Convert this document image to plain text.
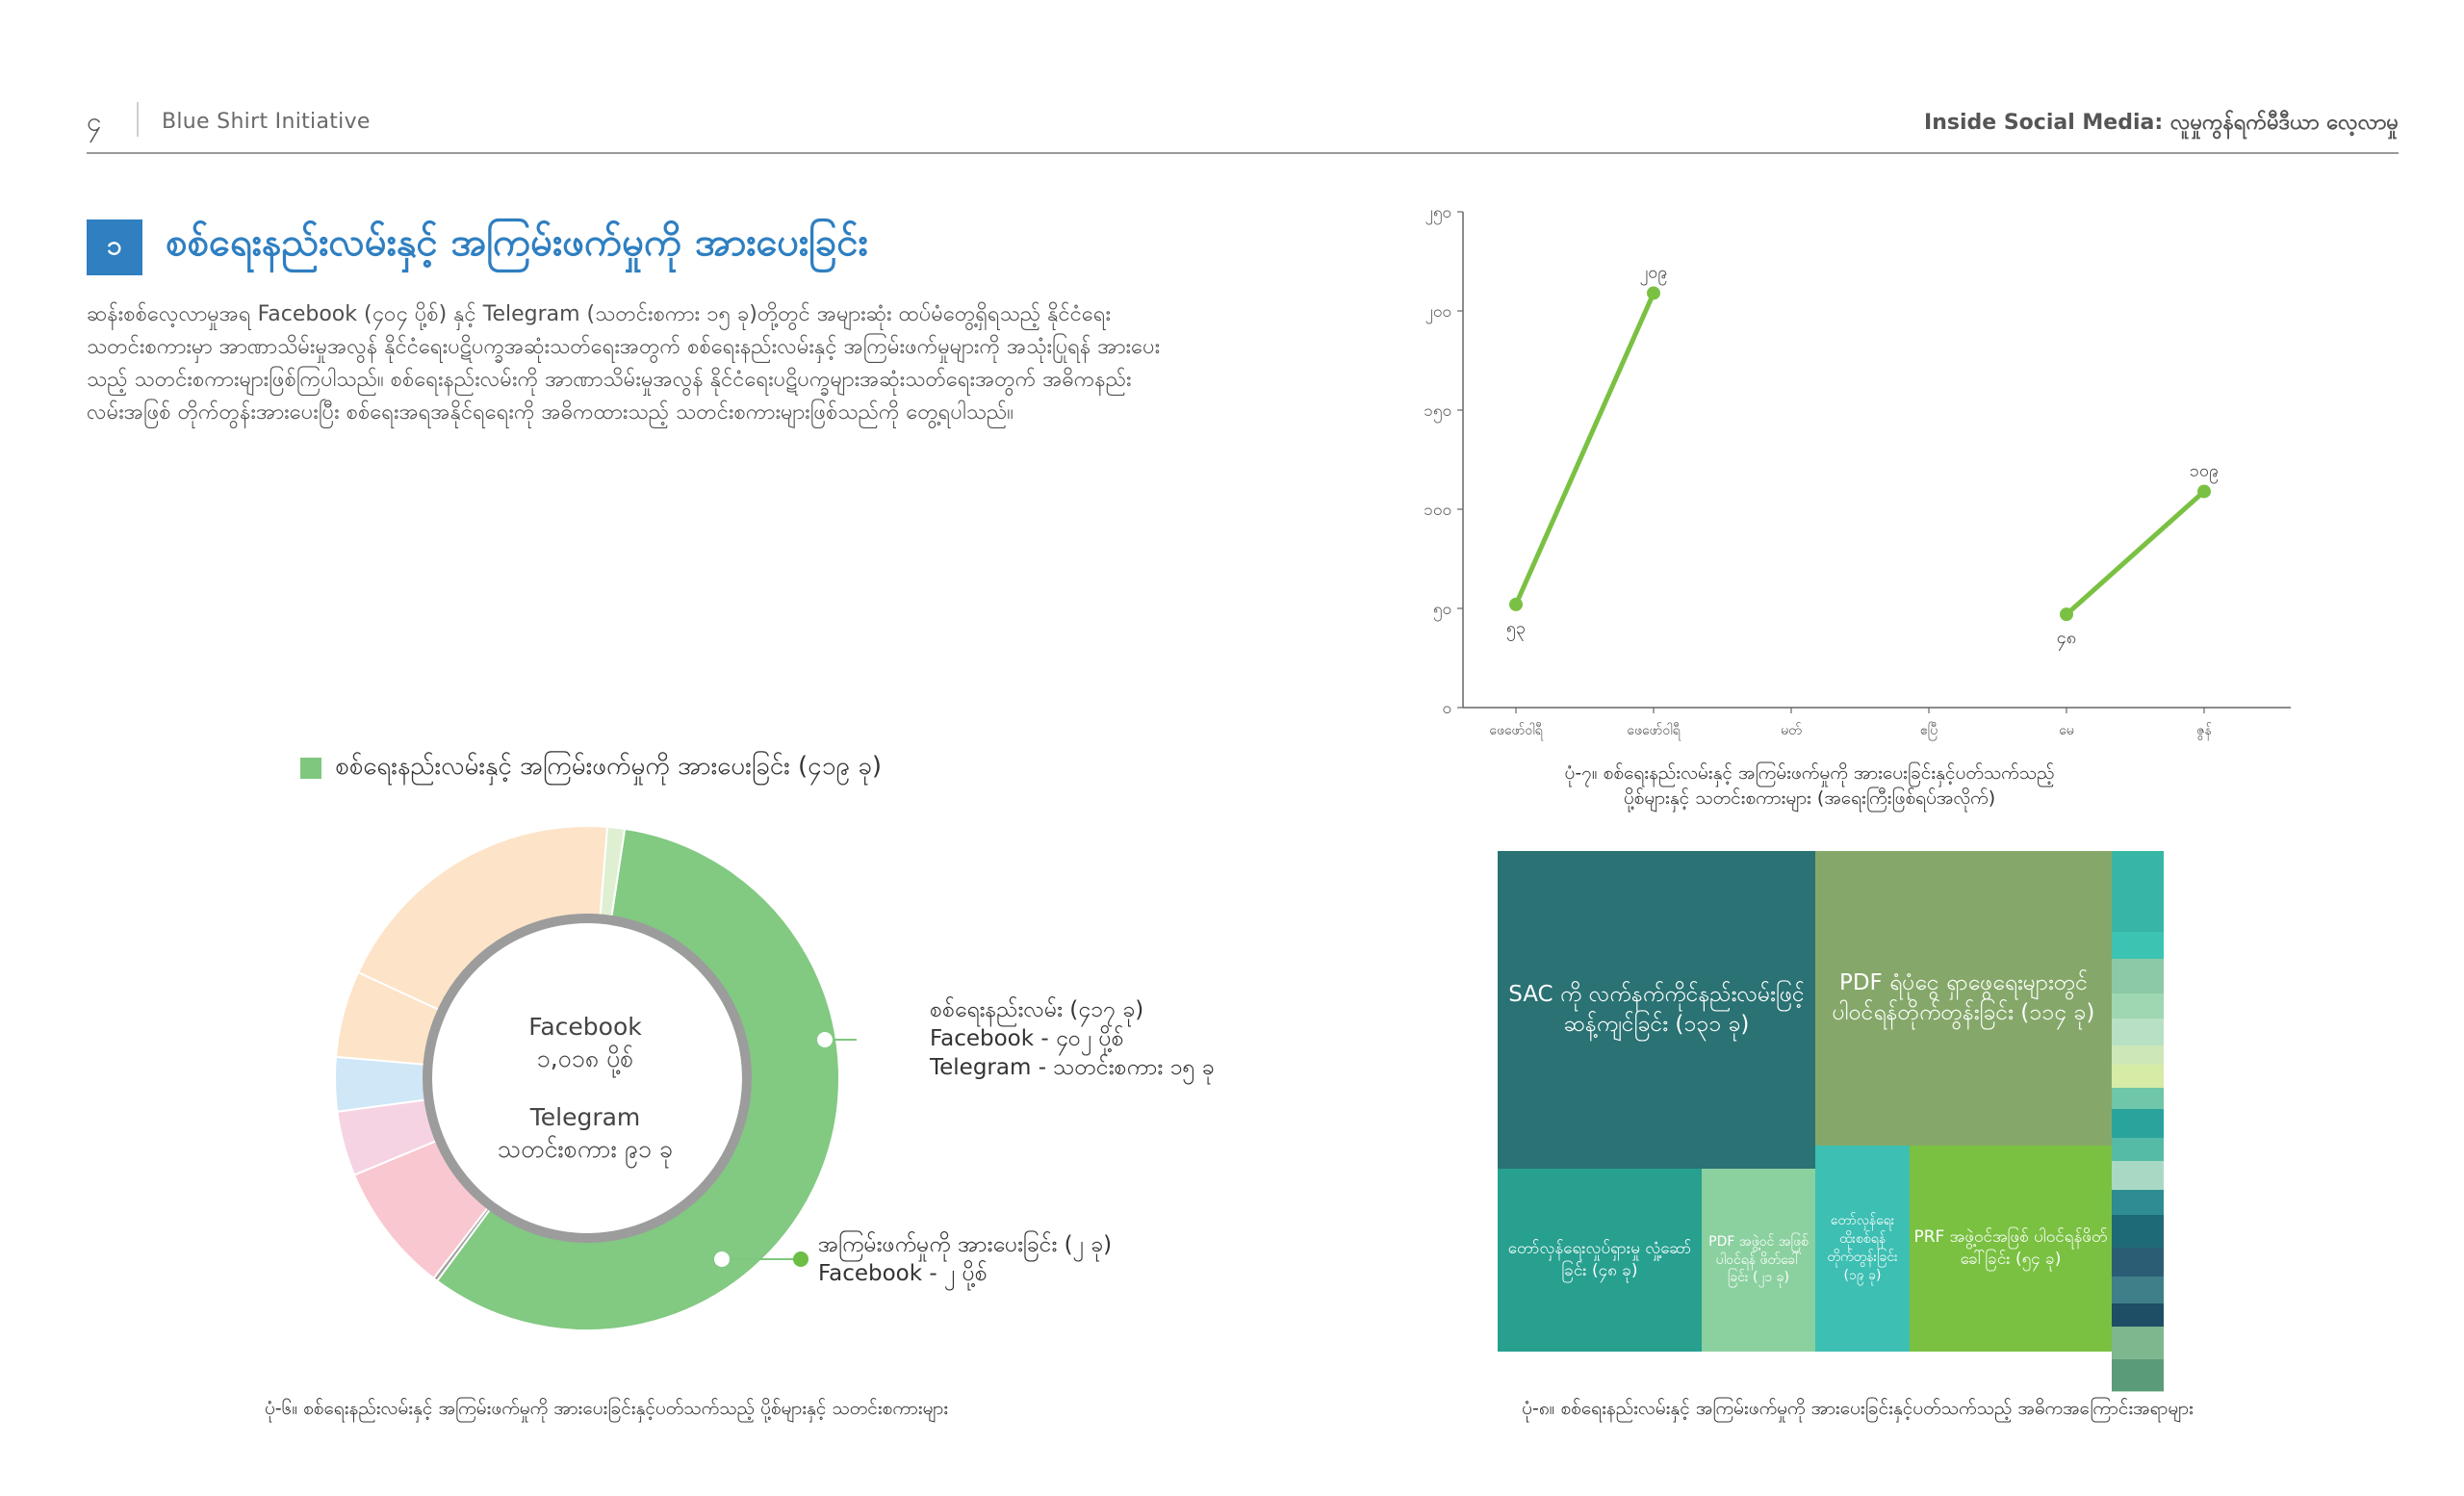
၄	Blue Shirt Initiative	Inside Social Media: လူမှုကွန်ရက်မီဒီယာ လေ့လာမှု
၁	စစ်ရေးနည်းလမ်းနှင့် အကြမ်းဖက်မှုကို အားပေးခြင်း
ဆန်းစစ်လေ့လာမှုအရ Facebook (၄၀၄ ပို့စ်) နှင့် Telegram (သတင်းစကား ၁၅ ခု)တို့တွင် အများဆုံး ထပ်မံတွေ့ရှိရသည့် နိုင်ငံရေးသတင်းစကားမှာ အာဏာသိမ်းမှုအလွန် နိုင်ငံရေးပဋိပက္ခအဆုံးသတ်ရေးအတွက် စစ်ရေးနည်းလမ်းနှင့် အကြမ်းဖက်မှုများကို အသုံးပြုရန် အားပေးသည့် သတင်းစကားများဖြစ်ကြပါသည်။ စစ်ရေးနည်းလမ်းကို အာဏာသိမ်းမှုအလွန် နိုင်ငံရေးပဋိပက္ခများအဆုံးသတ်ရေးအတွက် အဓိကနည်းလမ်းအဖြစ် တိုက်တွန်းအားပေးပြီး စစ်ရေးအရအနိုင်ရရေးကို အဓိကထားသည့် သတင်းစကားများဖြစ်သည်ကို တွေ့ရပါသည်။
စစ်ရေးနည်းလမ်းနှင့် အကြမ်းဖက်မှုကို အားပေးခြင်း (၄၁၉ ခု)
Facebook
၁,၀၁၈ ပို့စ်
Telegram
သတင်းစကား ၉၁ ခု
စစ်ရေးနည်းလမ်း (၄၁၇ ခု)
Facebook - ၄၀၂ ပို့စ်
Telegram - သတင်းစကား ၁၅ ခု
အကြမ်းဖက်မှုကို အားပေးခြင်း (၂ ခု)
Facebook - ၂ ပို့စ်
ပုံ-၆။ စစ်ရေးနည်းလမ်းနှင့် အကြမ်းဖက်မှုကို အားပေးခြင်းနှင့်ပတ်သက်သည့် ပို့စ်များနှင့် သတင်းစကားများ
၀
၅၀
၁၀၀
၁၅၀
၂၀၀
၂၅၀
ဖေဖော်ဝါရီ	ဖေဖော်ဝါရီ	မတ်	ဧပြီ	မေ	ဇွန်
၅၃
၂၀၉
၄၈
၁၀၉
ပုံ-၇။ စစ်ရေးနည်းလမ်းနှင့် အကြမ်းဖက်မှုကို အားပေးခြင်းနှင့်ပတ်သက်သည့်
ပို့စ်များနှင့် သတင်းစကားများ (အရေးကြီးဖြစ်ရပ်အလိုက်)
SAC ကို လက်နက်ကိုင်နည်းလမ်းဖြင့် ဆန့်ကျင်ခြင်း (၁၃၁ ခု)
PDF ရံပုံငွေ ရှာဖွေရေးများတွင် ပါဝင်ရန်တိုက်တွန်းခြင်း (၁၁၄ ခု)
တော်လှန်ရေးလှုပ်ရှားမှု လှုံ့ဆော်ခြင်း (၄၈ ခု)
PDF အဖွဲ့ဝင် အဖြစ်ပါဝင်ရန် ဖိတ်ခေါ်ခြင်း (၂၁ ခု)
တော်လှန်ရေး ထိုးစစ်ရန် တိုက်တွန်းခြင်း (၁၉ ခု)
PRF အဖွဲ့ဝင်အဖြစ် ပါဝင်ရန်ဖိတ်ခေါ်ခြင်း (၅၄ ခု)
ပုံ-၈။ စစ်ရေးနည်းလမ်းနှင့် အကြမ်းဖက်မှုကို အားပေးခြင်းနှင့်ပတ်သက်သည့် အဓိကအကြောင်းအရာများ
